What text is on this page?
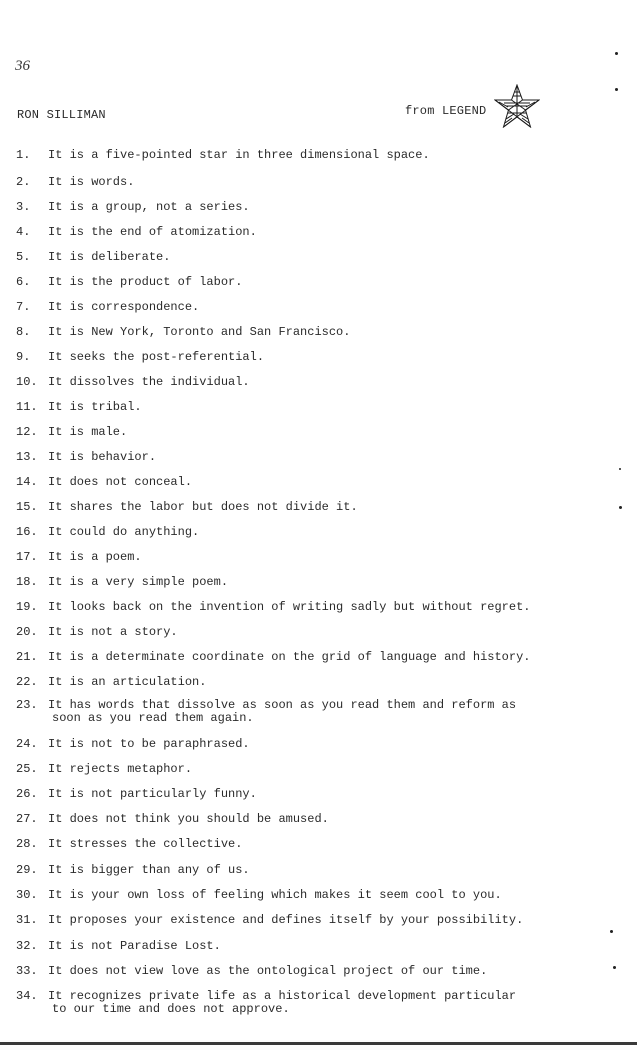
36
RON SILLIMAN	from LEGEND
1. It is a five-pointed star in three dimensional space.
2. It is words.
3. It is a group, not a series.
4. It is the end of atomization.
5. It is deliberate.
6. It is the product of labor.
7. It is correspondence.
8. It is New York, Toronto and San Francisco.
9. It seeks the post-referential.
10. It dissolves the individual.
11. It is tribal.
12. It is male.
13. It is behavior.
14. It does not conceal.
15. It shares the labor but does not divide it.
16. It could do anything.
17. It is a poem.
18. It is a very simple poem.
19. It looks back on the invention of writing sadly but without regret.
20. It is not a story.
21. It is a determinate coordinate on the grid of language and history.
22. It is an articulation.
23. It has words that dissolve as soon as you read them and reform as
soon as you read them again.
24. It is not to be paraphrased.
25. It rejects metaphor.
26. It is not particularly funny.
27. It does not think you should be amused.
28. It stresses the collective.
29. It is bigger than any of us.
30. It is your own loss of feeling which makes it seem cool to you.
31. It proposes your existence and defines itself by your possibility.
32. It is not Paradise Lost.
33. It does not view love as the ontological project of our time.
34. It recognizes private life as a historical development particular
to our time and does not approve.
